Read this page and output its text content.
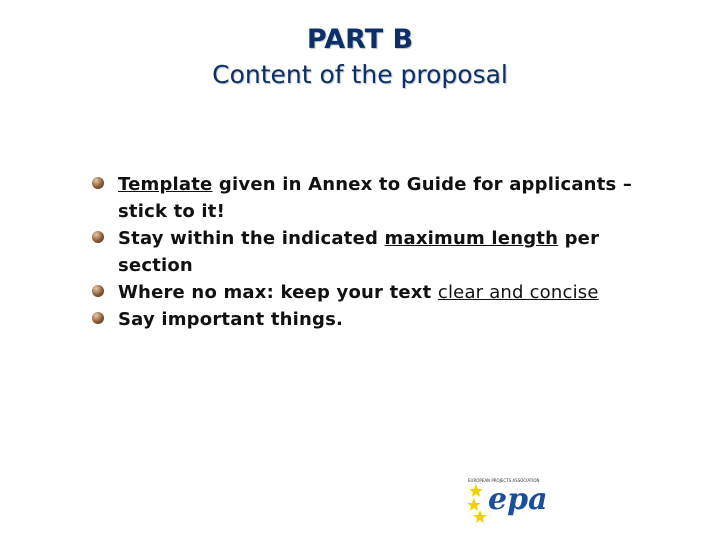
PART B
Content of the proposal
Template given in Annex to Guide for applicants – stick to it!
Stay within the indicated maximum length per section
Where no max: keep your text clear and concise
Say important things.
EUROPEAN PROJECTS ASSOCIATION
epa
